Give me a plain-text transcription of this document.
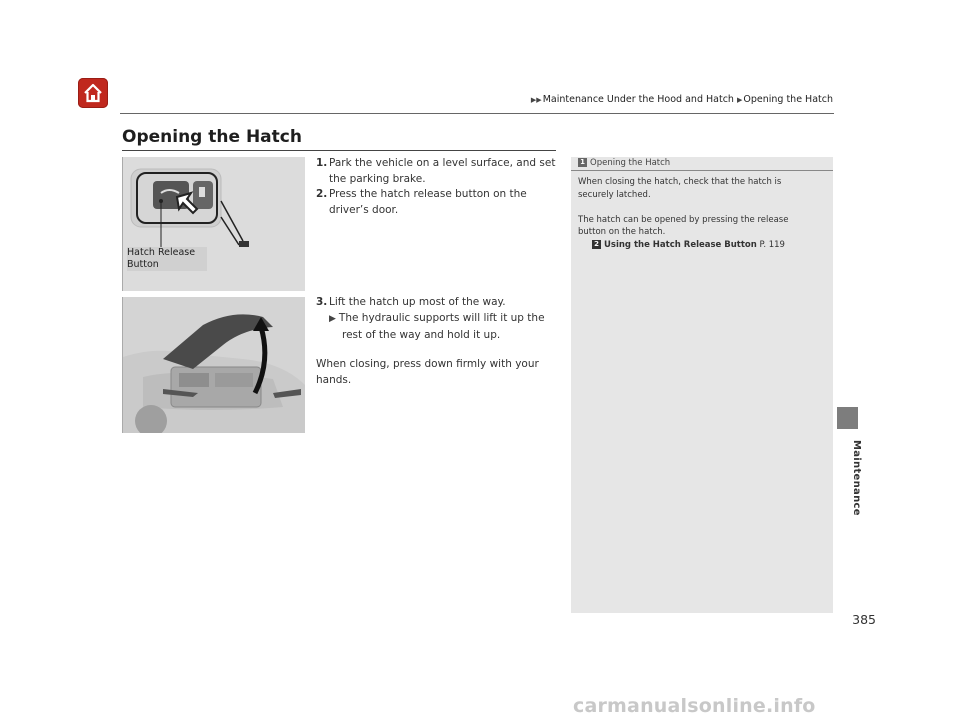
▶▶Maintenance Under the Hood and Hatch ▶Opening the Hatch
Opening the Hatch
Hatch Release Button
1. Park the vehicle on a level surface, and set
the parking brake.
2. Press the hatch release button on the
driver’s door.
3. Lift the hatch up most of the way.
▶ The hydraulic supports will lift it up the
rest of the way and hold it up.
When closing, press down firmly with your
hands.
1 Opening the Hatch
When closing the hatch, check that the hatch is
securely latched.

The hatch can be opened by pressing the release
button on the hatch.
2 Using the Hatch Release Button P. 119
Maintenance
385
carmanualsonline.info
